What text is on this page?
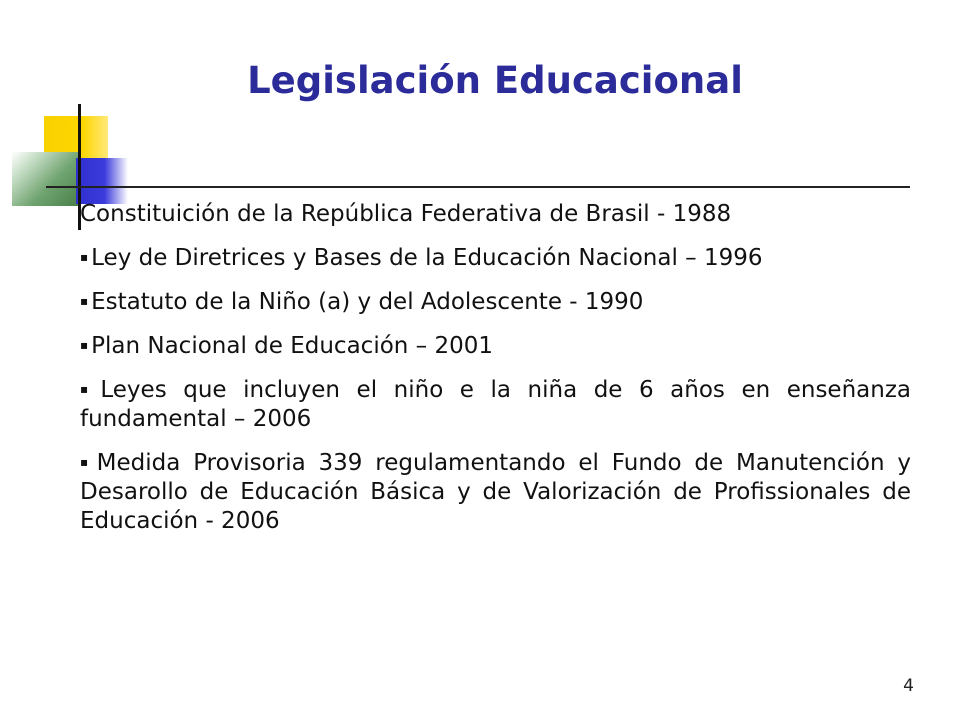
Legislación Educacional

Constituición de la República Federativa de Brasil - 1988

▪ Ley de Diretrices y Bases de la Educación Nacional – 1996

▪ Estatuto de la Niño (a) y del Adolescente - 1990

▪ Plan Nacional de Educación – 2001

▪ Leyes que incluyen el niño e la niña de 6 años en enseñanza fundamental – 2006

▪ Medida Provisoria 339 regulamentando el Fundo de Manutención y Desarollo de Educación Básica y de Valorización de Profissionales de Educación - 2006

4
